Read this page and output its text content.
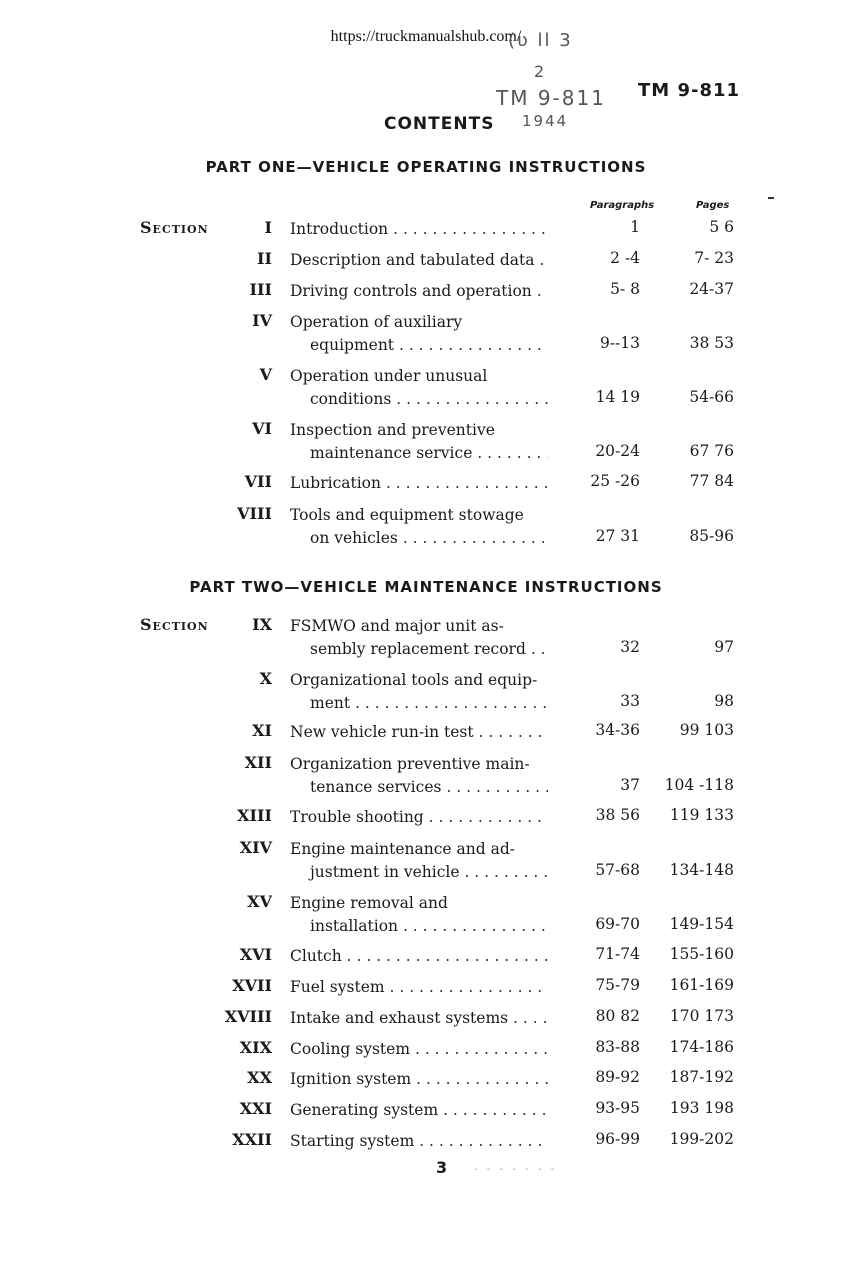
https://truckmanualshub.com/
(ʋ ll 3
2
TM 9-811
1944
TM 9-811
CONTENTS
PART ONE—VEHICLE OPERATING INSTRUCTIONS
Paragraphs	Pages
Section	I Introduction . . .	1	5 6
II Description and tabulated data . . .	2 -4	7- 23
III Driving controls and operation . . .	5- 8	24-37
IV Operation of auxiliary
equipment . . .	9--13	38 53
V Operation under unusual
conditions . . .	14 19	54-66
VI Inspection and preventive
maintenance service . . .	20-24	67 76
VII Lubrication . . .	25 -26	77 84
VIII Tools and equipment stowage
on vehicles . . .	27 31	85-96
PART TWO—VEHICLE MAINTENANCE INSTRUCTIONS
Section	IX FSMWO and major unit as-
sembly replacement record . . .	32	97
X Organizational tools and equip-
ment . . .	33	98
XI New vehicle run-in test . . .	34-36	99 103
XII Organization preventive main-
tenance services . . .	37	104 -118
XIII Trouble shooting . . .	38 56	119 133
XIV Engine maintenance and ad-
justment in vehicle . . .	57-68	134-148
XV Engine removal and
installation . . .	69-70	149-154
XVI Clutch . . .	71-74	155-160
XVII Fuel system . . .	75-79	161-169
XVIII Intake and exhaust systems . . .	80 82	170 173
XIX Cooling system . . .	83-88	174-186
XX Ignition system . . .	89-92	187-192
XXI Generating system . . .	93-95	193 198
XXII Starting system . . .	96-99	199-202
3	- - - - - - -
